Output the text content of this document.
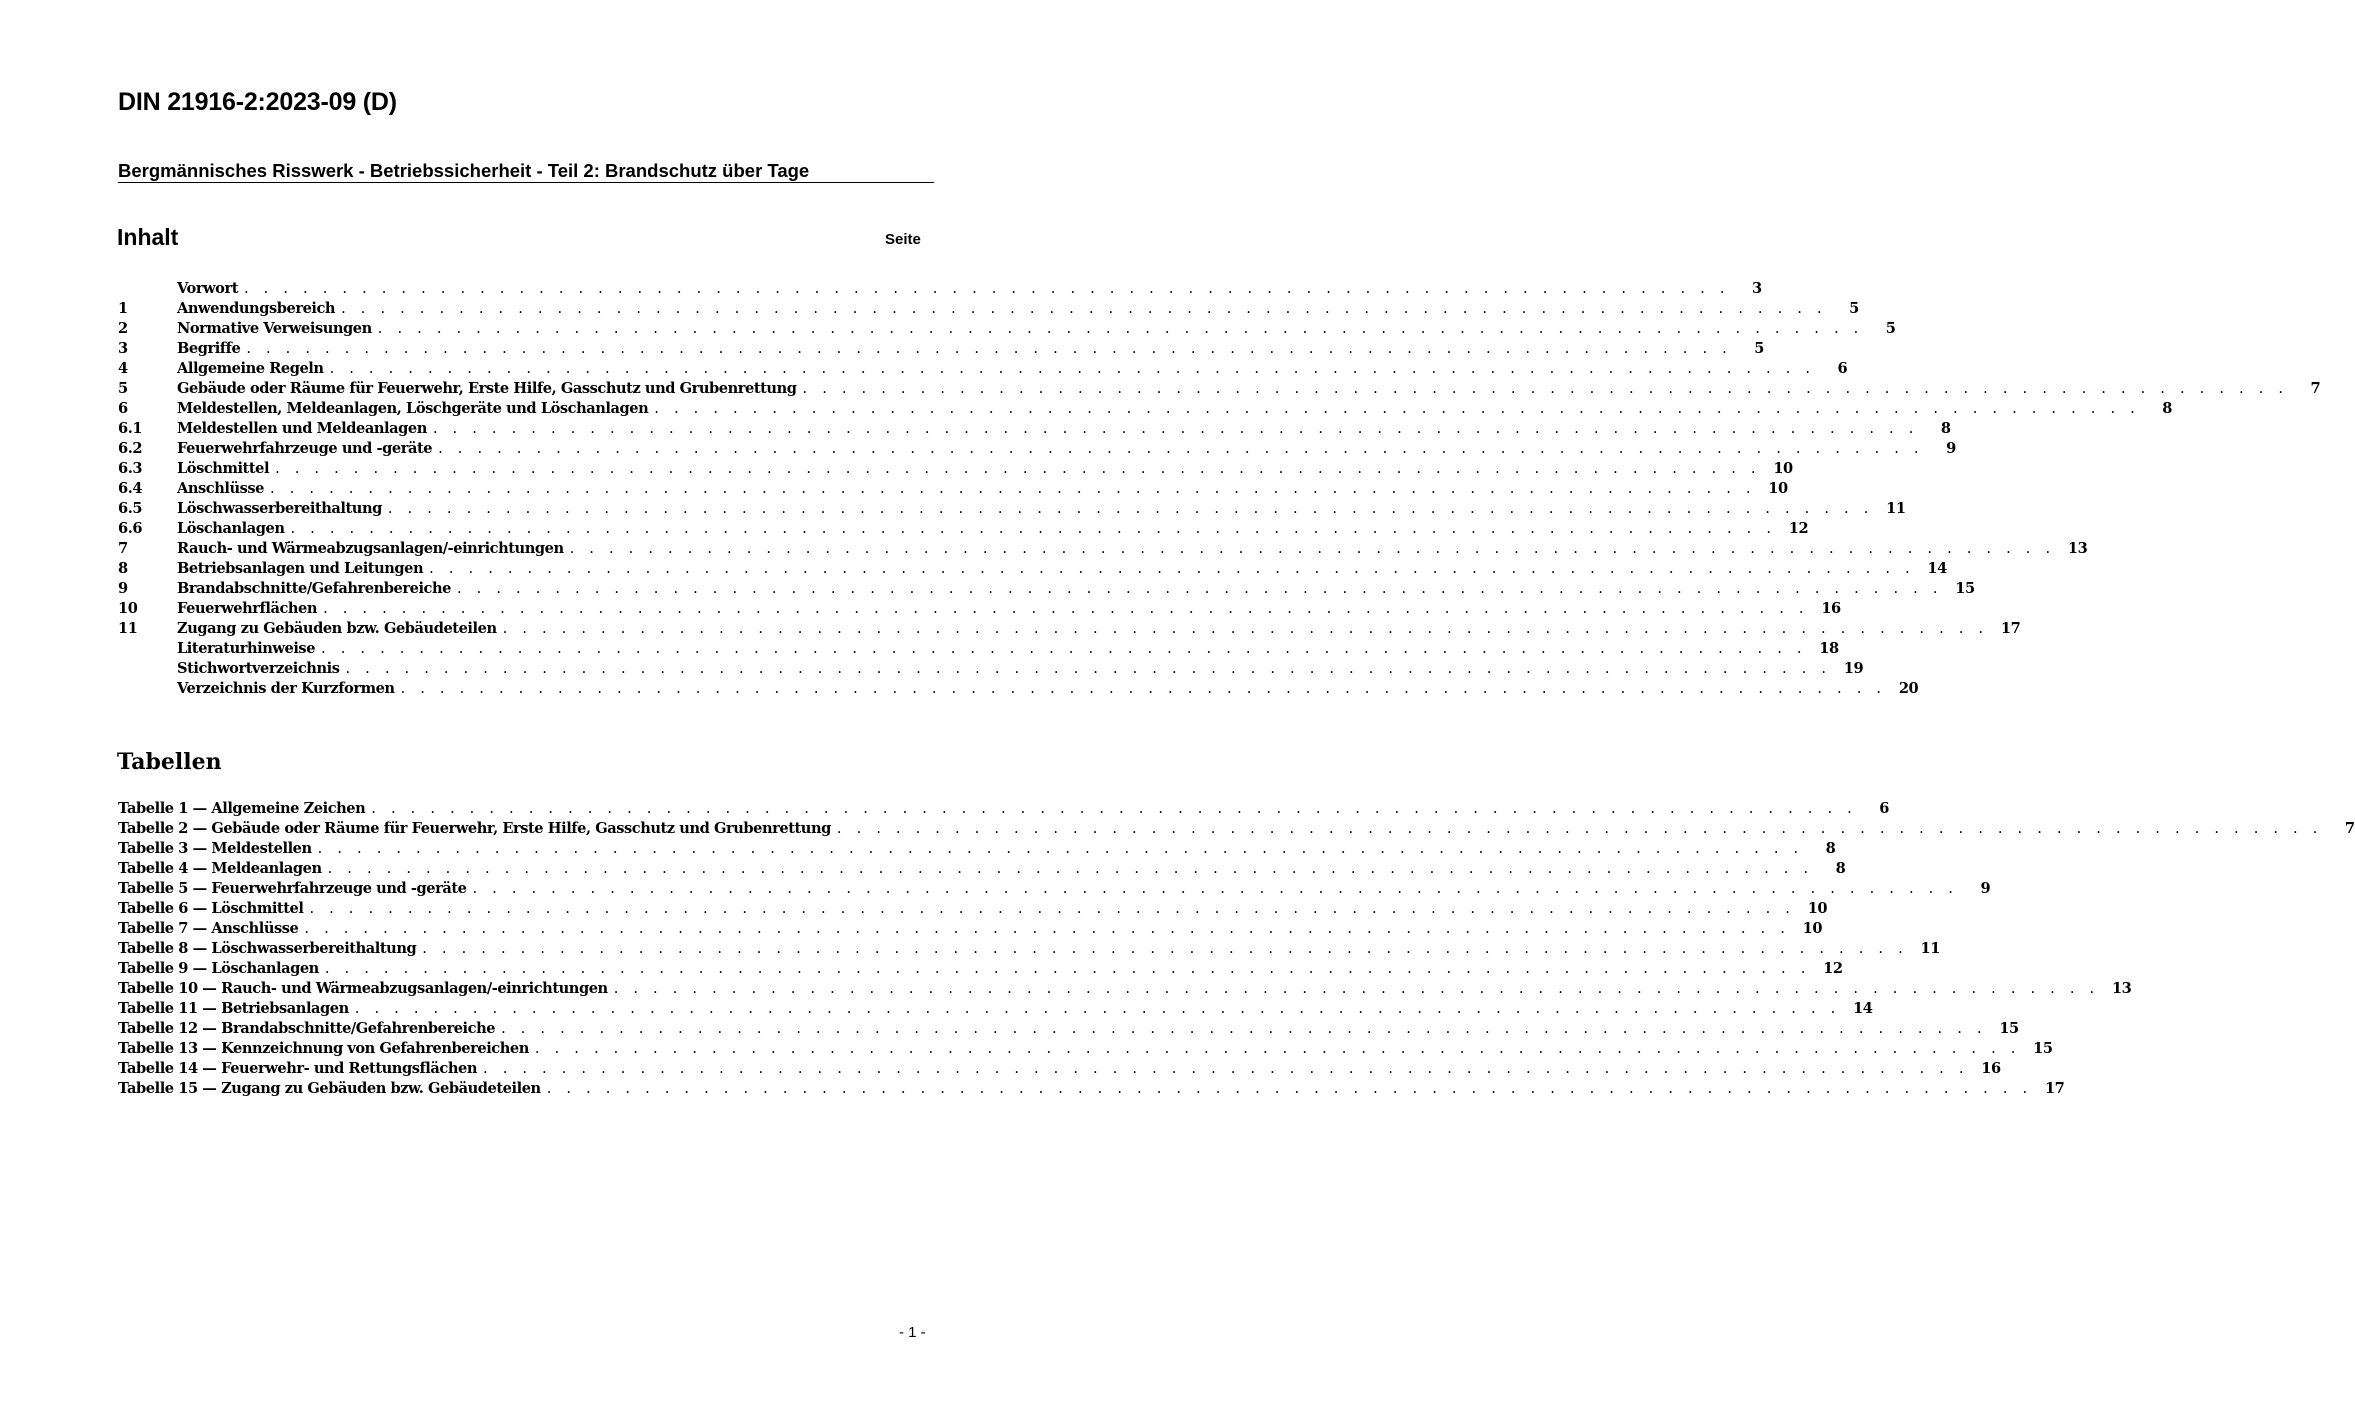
DIN 21916-2:2023-09 (D)
Bergmännisches Risswerk - Betriebssicherheit - Teil 2: Brandschutz über Tage
Inhalt	Seite
Vorwort . . . . . . . . . . . . . . . . . . . . . . . . . . . . . . . . . . . . . . . . . . . . . . . . . . . . . . . . . . . . . . . . . . . . . . . . . . . .	3
1	Anwendungsbereich . . . . . . . . . . . . . . . . . . . . . . . . . . . . . . . . . . . . . . . . . . . . . . . . . . . . . . . . . . . . . . . . . . . . . . . . . . . .	5
2	Normative Verweisungen . . . . . . . . . . . . . . . . . . . . . . . . . . . . . . . . . . . . . . . . . . . . . . . . . . . . . . . . . . . . . . . . . . . . . . . . . . . .	5
3	Begriffe . . . . . . . . . . . . . . . . . . . . . . . . . . . . . . . . . . . . . . . . . . . . . . . . . . . . . . . . . . . . . . . . . . . . . . . . . . . .	5
4	Allgemeine Regeln . . . . . . . . . . . . . . . . . . . . . . . . . . . . . . . . . . . . . . . . . . . . . . . . . . . . . . . . . . . . . . . . . . . . . . . . . . . .	6
5	Gebäude oder Räume für Feuerwehr, Erste Hilfe, Gasschutz und Grubenrettung . . . . . . . . . . . . . . . . . . . . . . . . . . . . . . . . . . . . . . . . . . . . . . . . . . . . . . . . . . . . . . . . . . . . . . . . . . . .	7
6	Meldestellen, Meldeanlagen, Löschgeräte und Löschanlagen . . . . . . . . . . . . . . . . . . . . . . . . . . . . . . . . . . . . . . . . . . . . . . . . . . . . . . . . . . . . . . . . . . . . . . . . . . . .	8
6.1	Meldestellen und Meldeanlagen . . . . . . . . . . . . . . . . . . . . . . . . . . . . . . . . . . . . . . . . . . . . . . . . . . . . . . . . . . . . . . . . . . . . . . . . . . . .	8
6.2	Feuerwehrfahrzeuge und -geräte . . . . . . . . . . . . . . . . . . . . . . . . . . . . . . . . . . . . . . . . . . . . . . . . . . . . . . . . . . . . . . . . . . . . . . . . . . . .	9
6.3	Löschmittel . . . . . . . . . . . . . . . . . . . . . . . . . . . . . . . . . . . . . . . . . . . . . . . . . . . . . . . . . . . . . . . . . . . . . . . . . . . . 10
6.4	Anschlüsse . . . . . . . . . . . . . . . . . . . . . . . . . . . . . . . . . . . . . . . . . . . . . . . . . . . . . . . . . . . . . . . . . . . . . . . . . . . . 10
6.5	Löschwasserbereithaltung . . . . . . . . . . . . . . . . . . . . . . . . . . . . . . . . . . . . . . . . . . . . . . . . . . . . . . . . . . . . . . . . . . . . . . . . . . . . 11
6.6	Löschanlagen . . . . . . . . . . . . . . . . . . . . . . . . . . . . . . . . . . . . . . . . . . . . . . . . . . . . . . . . . . . . . . . . . . . . . . . . . . . . 12
7	Rauch- und Wärmeabzugsanlagen/-einrichtungen . . . . . . . . . . . . . . . . . . . . . . . . . . . . . . . . . . . . . . . . . . . . . . . . . . . . . . . . . . . . . . . . . . . . . . . . . . . . 13
8	Betriebsanlagen und Leitungen . . . . . . . . . . . . . . . . . . . . . . . . . . . . . . . . . . . . . . . . . . . . . . . . . . . . . . . . . . . . . . . . . . . . . . . . . . . . 14
9	Brandabschnitte/Gefahrenbereiche . . . . . . . . . . . . . . . . . . . . . . . . . . . . . . . . . . . . . . . . . . . . . . . . . . . . . . . . . . . . . . . . . . . . . . . . . . . . 15
10	Feuerwehrflächen . . . . . . . . . . . . . . . . . . . . . . . . . . . . . . . . . . . . . . . . . . . . . . . . . . . . . . . . . . . . . . . . . . . . . . . . . . . . 16
11	Zugang zu Gebäuden bzw. Gebäudeteilen . . . . . . . . . . . . . . . . . . . . . . . . . . . . . . . . . . . . . . . . . . . . . . . . . . . . . . . . . . . . . . . . . . . . . . . . . . . . 17
Literaturhinweise . . . . . . . . . . . . . . . . . . . . . . . . . . . . . . . . . . . . . . . . . . . . . . . . . . . . . . . . . . . . . . . . . . . . . . . . . . . . 18
Stichwortverzeichnis . . . . . . . . . . . . . . . . . . . . . . . . . . . . . . . . . . . . . . . . . . . . . . . . . . . . . . . . . . . . . . . . . . . . . . . . . . . . 19
Verzeichnis der Kurzformen . . . . . . . . . . . . . . . . . . . . . . . . . . . . . . . . . . . . . . . . . . . . . . . . . . . . . . . . . . . . . . . . . . . . . . . . . . . . 20
Tabellen
Tabelle 1 — Allgemeine Zeichen . . . . . . . . . . . . . . . . . . . . . . . . . . . . . . . . . . . . . . . . . . . . . . . . . . . . . . . . . . . . . . . . . . . . . . . . . . . .	6
Tabelle 2 — Gebäude oder Räume für Feuerwehr, Erste Hilfe, Gasschutz und Grubenrettung . . . . . . . . . . . . . . . . . . . . . . . . . . . . . . . . . . . . . . . . . . . . . . . . . . . . . . . . . . . . . . . . . . . . . . . . . . . .	7
Tabelle 3 — Meldestellen . . . . . . . . . . . . . . . . . . . . . . . . . . . . . . . . . . . . . . . . . . . . . . . . . . . . . . . . . . . . . . . . . . . . . . . . . . . .	8
Tabelle 4 — Meldeanlagen . . . . . . . . . . . . . . . . . . . . . . . . . . . . . . . . . . . . . . . . . . . . . . . . . . . . . . . . . . . . . . . . . . . . . . . . . . . .	8
Tabelle 5 — Feuerwehrfahrzeuge und -geräte . . . . . . . . . . . . . . . . . . . . . . . . . . . . . . . . . . . . . . . . . . . . . . . . . . . . . . . . . . . . . . . . . . . . . . . . . . . .	9
Tabelle 6 — Löschmittel . . . . . . . . . . . . . . . . . . . . . . . . . . . . . . . . . . . . . . . . . . . . . . . . . . . . . . . . . . . . . . . . . . . . . . . . . . . . 10
Tabelle 7 — Anschlüsse . . . . . . . . . . . . . . . . . . . . . . . . . . . . . . . . . . . . . . . . . . . . . . . . . . . . . . . . . . . . . . . . . . . . . . . . . . . . 10
Tabelle 8 — Löschwasserbereithaltung . . . . . . . . . . . . . . . . . . . . . . . . . . . . . . . . . . . . . . . . . . . . . . . . . . . . . . . . . . . . . . . . . . . . . . . . . . . . 11
Tabelle 9 — Löschanlagen . . . . . . . . . . . . . . . . . . . . . . . . . . . . . . . . . . . . . . . . . . . . . . . . . . . . . . . . . . . . . . . . . . . . . . . . . . . . 12
Tabelle 10 — Rauch- und Wärmeabzugsanlagen/-einrichtungen . . . . . . . . . . . . . . . . . . . . . . . . . . . . . . . . . . . . . . . . . . . . . . . . . . . . . . . . . . . . . . . . . . . . . . . . . . . . 13
Tabelle 11 — Betriebsanlagen . . . . . . . . . . . . . . . . . . . . . . . . . . . . . . . . . . . . . . . . . . . . . . . . . . . . . . . . . . . . . . . . . . . . . . . . . . . . 14
Tabelle 12 — Brandabschnitte/Gefahrenbereiche . . . . . . . . . . . . . . . . . . . . . . . . . . . . . . . . . . . . . . . . . . . . . . . . . . . . . . . . . . . . . . . . . . . . . . . . . . . . 15
Tabelle 13 — Kennzeichnung von Gefahrenbereichen . . . . . . . . . . . . . . . . . . . . . . . . . . . . . . . . . . . . . . . . . . . . . . . . . . . . . . . . . . . . . . . . . . . . . . . . . . . . 15
Tabelle 14 — Feuerwehr- und Rettungsflächen . . . . . . . . . . . . . . . . . . . . . . . . . . . . . . . . . . . . . . . . . . . . . . . . . . . . . . . . . . . . . . . . . . . . . . . . . . . . 16
Tabelle 15 — Zugang zu Gebäuden bzw. Gebäudeteilen . . . . . . . . . . . . . . . . . . . . . . . . . . . . . . . . . . . . . . . . . . . . . . . . . . . . . . . . . . . . . . . . . . . . . . . . . . . . 17
- 1 -
